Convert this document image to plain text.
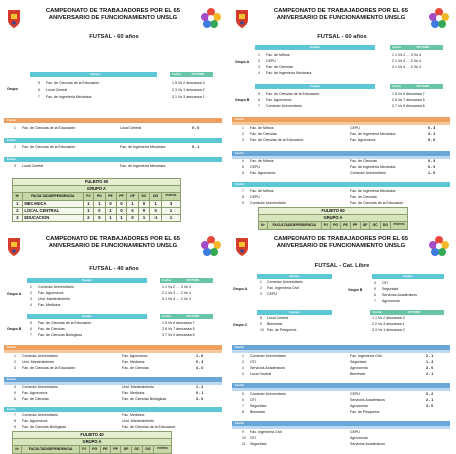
CAMPEONATO DE TRABAJADORES POR EL 65 ANIVERSARIO DE FUNCIONAMIENTO UNSLG
FUTSAL - 60 años
Equipo	Fecha	FIXTURE
Grupo
5 Fac. de Ciencias de la Educación
6 Local Central
7 Fac. de Ingeniería Mecánica
1 5 Vs 2 descansa 3
2 3 Vs 1 descansa 2
3 1 Vs 3 descansa 1
Fecha
1 Fac. de Ciencias de la Educación	Local Central	0 - 0
Fecha
2 Fac. de Ciencias de la Educación	Fac. de Ingeniería Mecánica	0 - 1
Fecha
3 Local Central	Fac. de Ingeniería Mecánica
FULBITO 60									
GRUPO A									
Nº	FACULTAD/DEPENDENCIA	PJ	PG	PE	PP	GF	GC	DG	PUNTOS
1	MECANICA	1	1	0	0	1	0	1	3
2	LOCAL CENTRAL	1	0	1	0	0	0	0	1
3	EDUCACION	2	0	1	1	0	1	-1	1
CAMPEONATO DE TRABAJADORES POR EL 65 ANIVERSARIO DE FUNCIONAMIENTO UNSLG
FUTSAL - 60 años
Equipo	Fecha	FIXTURE
Grupo A
1 Fac. de Mitnos
2 CEPU
3 Fac. de Ciencias
4 Fac. de Ingeniería Mecánica
1 1 Vs 2 … 3 Vs 4
2 1 Vs 3 … 2 Vs 4
3 1 Vs 4 … 2 Vs 3
Equipo	Fecha	FIXTURE
Grupo B
5 Fac. de Ciencias de la Educación
6 Fac. Agronomía
7 Comedor Universitario
1 5 Vs 6 descansa 7
2 6 Vs 7 descansa 5
3 7 Vs 5 descansa 6
Fecha
1 Fac. de Mitnos	CEPU	0 - 3
2 Fac. de Ciencias	Fac. de Ingeniería Mecánica	4 - 2
3 Fac. de Ciencias de la Educación	Fac. Agronomía	5 - 0
Fecha
4 Fac. de Mitnos	Fac. de Ciencias	0 - 3
5 CEPU	Fac. de Ingeniería Mecánica	0 - 0
6 Fac. Agronomía	Comedor Universitario	1 - 0
Fecha
7 Fac. de Mitnos	Fac. de Ingeniería Mecánica
8 CEPU	Fac. de Ciencias
9 Comedor Universitario	Fac. de Ciencias de la Educación
FULBITO 60
GRUPO A
Nº	FACULTAD/DEPENDENCIA	PJ	PG	PE	PP	GF	GC	DG	PUNTOS
CAMPEONATO DE TRABAJADORES POR EL 65 ANIVERSARIO DE FUNCIONAMIENTO UNSLG
FUTSAL - 40 años
Equipo	Fecha	FIXTURE
Grupo A
1 Comedor Universitario
2 Fac. Agronomía
3 Und. Mantenimiento
4 Fac. Medicina
1 1 Vs 2 … 3 Vs 4
2 1 Vs 3 … 2 Vs 4
3 1 Vs 4 … 2 Vs 3
Equipo	Fecha	FIXTURE
Grupo B
5 Fac. de Ciencias de la Educación
6 Fac. de Ciencias
7 Fac. de Ciencias Biológicas
1 5 Vs 6 descansa 7
2 6 Vs 7 descansa 5
3 7 Vs 5 descansa 6
Fecha
1 Comedor Universitario	Fac. Agronomía	1 - 0
2 Und. Mantenimiento	Fac. Medicina	0 - 3
3 Fac. de Ciencias de la Educación	Fac. de Ciencias	4 - 0
Fecha
4 Comedor Universitario	Und. Mantenimiento	1 - 2
5 Fac. Agronomía	Fac. Medicina	0 - 1
6 Fac. de Ciencias	Fac. de Ciencias Biológicas	3 - 0
Fecha
7 Comedor Universitario	Fac. Medicina
8 Fac. Agronomía	Und. Mantenimiento
9 Fac. de Ciencias Biológicas	Fac. de Ciencias de la Educación
FULBITO 40
GRUPO A
Nº	FACULTAD/DEPENDENCIA	PJ	PG	PE	PP	GF	GC	DG	PUNTOS
CAMPEONATO DE TRABAJADORES POR EL 65 ANIVERSARIO DE FUNCIONAMIENTO UNSLG
FUTSAL - Cat. Libre
Equipo
Grupo A
1 Comedor Universitario
2 Fac. Ingeniería Civil
3 CEPU
Equipo
Grupo B
4 OTI
5 Seguridad
6 Servicios Académicos
7 Agronomía
Equipo
Grupo C
8 Local Central
9 Bienestar
10 Fac. de Pesquería
Fecha	FIXTURE
1 1 Vs 2 descansa 3
2 2 Vs 3 descansa 1
3 3 Vs 1 descansa 2
Fecha
1 Comedor Universitario	Fac. Ingeniería Civil	2 - 1
2 OTI	Seguridad	1 - 3
3 Servicios Académicos	Agronomía	3 - 0
4 Local Central	Bienestar	2 - 1
Fecha
5 Comedor Universitario	CEPU	0 - 2
6 OTI	Servicios Académicos	2 - 1
7 Seguridad	Agronomía	3 - 0
8 Bienestar	Fac. de Pesquería
Fecha
9 Fac. Ingeniería Civil	CEPU
10 OTI	Agronomía
11 Seguridad	Servicios Académicos
